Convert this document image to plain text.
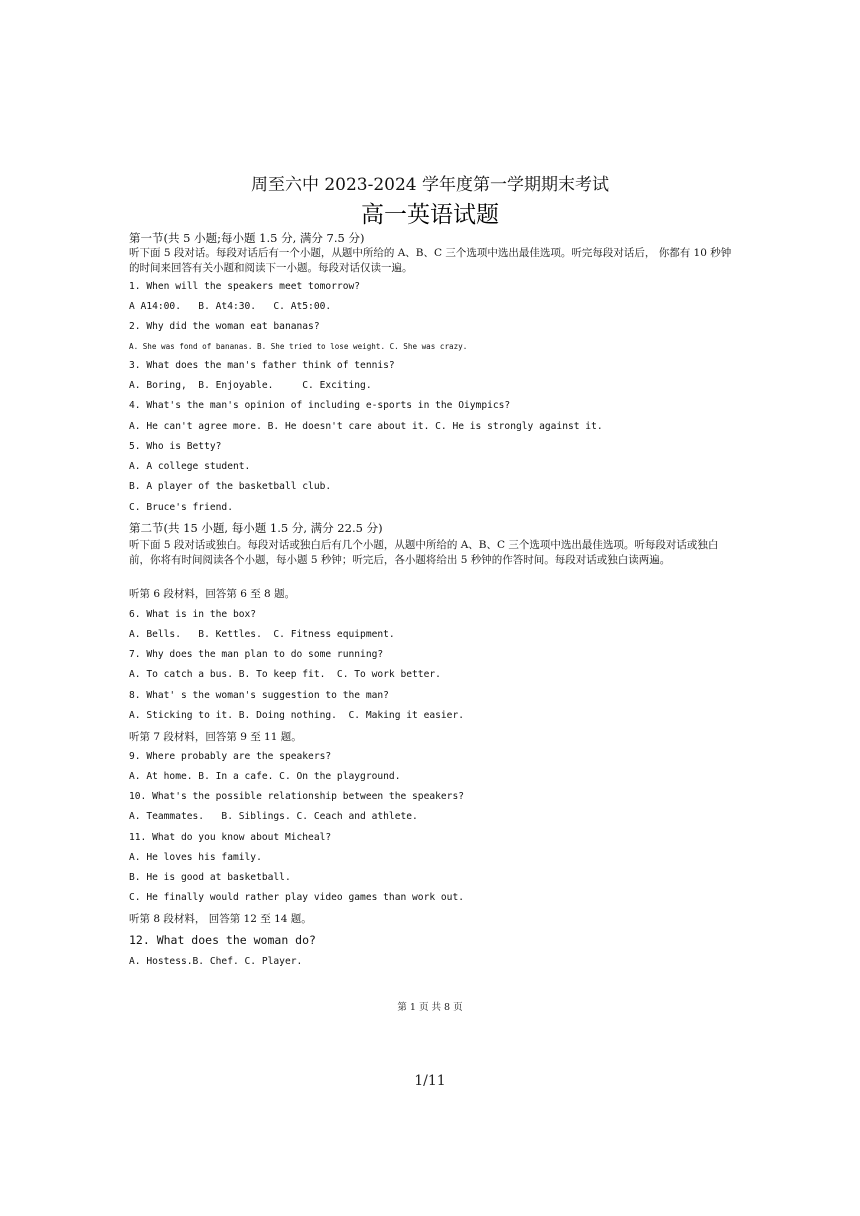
周至六中 2023-2024 学年度第一学期期末考试
高一英语试题
第一节(共 5 小题;每小题 1.5 分, 满分 7.5 分)
听下面 5 段对话。每段对话后有一个小题，从题中所给的 A、B、C 三个选项中选出最佳选项。听完每段对话后， 你都有 10 秒钟的时间来回答有关小题和阅读下一小题。每段对话仅读一遍。
1. When will the speakers meet tomorrow?
A A14:00.   B. At4:30.   C. At5:00.
2. Why did the woman eat bananas?
A. She was fond of bananas. B. She tried to lose weight. C. She was crazy.
3. What does the man's father think of tennis?
A. Boring,  B. Enjoyable.     C. Exciting.
4. What's the man's opinion of including e-sports in the Oiympics?
A. He can't agree more. B. He doesn't care about it. C. He is strongly against it.
5. Who is Betty?
A. A college student.
B. A player of the basketball club.
C. Bruce's friend.
第二节(共 15 小题, 每小题 1.5 分, 满分 22.5 分)
听下面 5 段对话或独白。每段对话或独白后有几个小题，从题中所给的 A、B、C 三个选项中选出最佳选项。听每段对话或独白前，你将有时间阅读各个小题，每小题 5 秒钟；听完后，各小题将给出 5 秒钟的作答时间。每段对话或独白读两遍。
听第 6 段材料，回答第 6 至 8 题。
6. What is in the box?
A. Bells.   B. Kettles.  C. Fitness equipment.
7. Why does the man plan to do some running?
A. To catch a bus. B. To keep fit.  C. To work better.
8. What' s the woman's suggestion to the man?
A. Sticking to it. B. Doing nothing.  C. Making it easier.
听第 7 段材料，回答第 9 至 11 题。
9. Where probably are the speakers?
A. At home. B. In a cafe. C. On the playground.
10. What's the possible relationship between the speakers?
A. Teammates.   B. Siblings. C. Ceach and athlete.
11. What do you know about Micheal?
A. He loves his family.
B. He is good at basketball.
C. He finally would rather play video games than work out.
听第 8 段材料， 回答第 12 至 14 题。
12. What does the woman do?
A. Hostess.B. Chef. C. Player.
第 1 页 共 8 页
1/11
